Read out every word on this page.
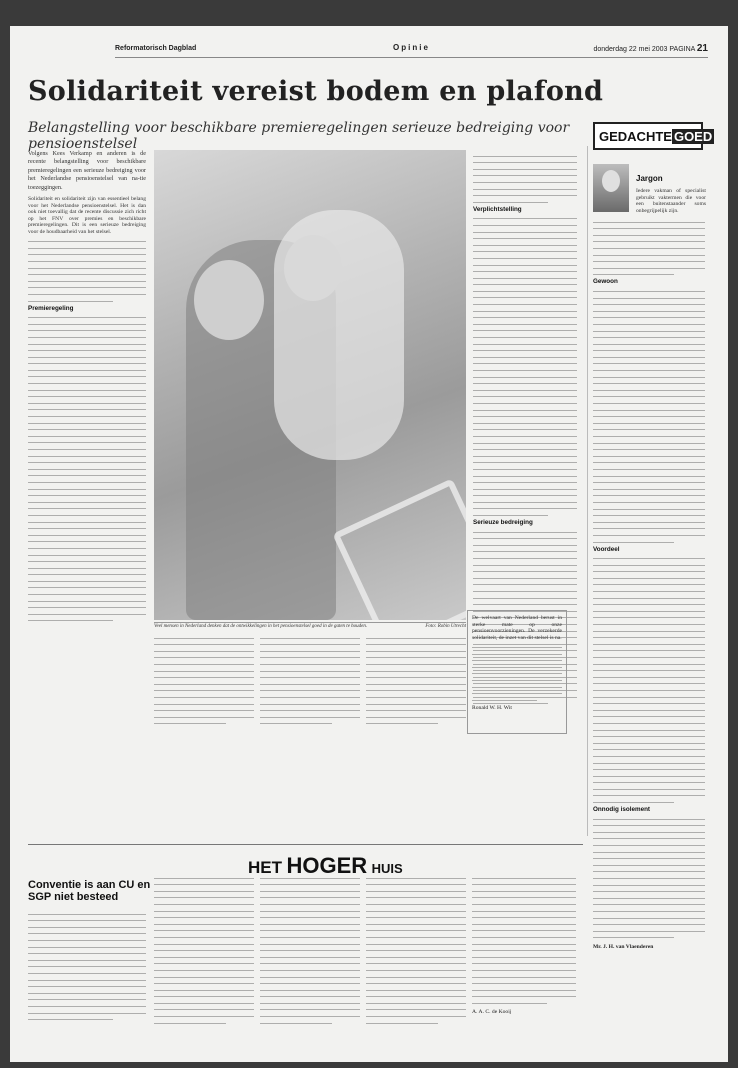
Reformatorisch Dagblad	Opinie	donderdag 22 mei 2003 PAGINA 21
Solidariteit vereist bodem en plafond
Belangstelling voor beschikbare premieregelingen serieuze bedreiging voor pensioenstelsel
Volgens Kees Verkamp en anderen is de recente belangstelling voor beschikbare premieregelingen een serieuze bedreiging voor het Nederlandse pensioenstelsel van na-tie toezeggingen.
Solidariteit en solidariteit zijn van essentieel belang voor het Nederlandse pensioenstelsel. Het is dan ook niet toevallig dat de recente discussie zich richt op het FNV over premies en beschikbare premieregelingen. Dit is een serieuze bedreiging voor de houdbaarheid van het stelsel.
Premieregeling
Veel mensen in Nederland denken dat de ontwikkelingen in het pensioenstelsel goed in de gaten te houden.	Foto: Robin Utrecht
Verplichtstelling
Serieuze bedreiging
De welvaart van Nederland berust in sterke mate op onze pensioenvoorzieningen. De verzekerde solidariteit, de inzet van dit stelsel is na.
Ronald W. H. Wit
GEDACHTE GOED
Jargon
Iedere vakman of specialist gebruikt vaktermen die voor een buitenstaander soms onbegrijpelijk zijn.
Gewoon
Voordeel
Onnodig isolement
Mr. J. H. van Vlaenderen
HET HOGER HUIS
Conventie is aan CU en SGP niet besteed
A. A. C. de Kooij
